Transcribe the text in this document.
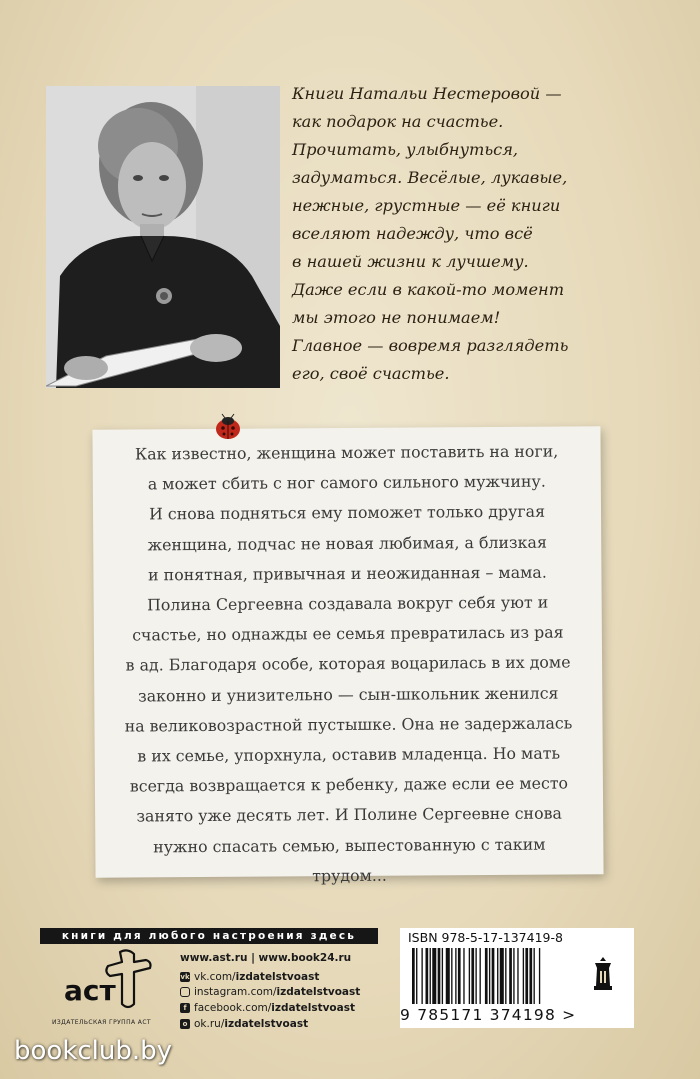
Книги Натальи Нестеровой —
как подарок на счастье.
Прочитать, улыбнуться,
задуматься. Весёлые, лукавые,
нежные, грустные — её книги
вселяют надежду, что всё
в нашей жизни к лучшему.
Даже если в какой-то момент
мы этого не понимаем!
Главное — вовремя разглядеть
его, своё счастье.
Как известно, женщина может поставить на ноги,
а может сбить с ног самого сильного мужчину.
И снова подняться ему поможет только другая
женщина, подчас не новая любимая, а близкая
и понятная, привычная и неожиданная – мама.
Полина Сергеевна создавала вокруг себя уют и
счастье, но однажды ее семья превратилась из рая
в ад. Благодаря особе, которая воцарилась в их доме
законно и унизительно — сын-школьник женился
на великовозрастной пустышке. Она не задержалась
в их семье, упорхнула, оставив младенца. Но мать
всегда возвращается к ребенку, даже если ее место
занято уже десять лет. И Полине Сергеевне снова
нужно спасать семью, выпестованную с таким
трудом...
книги для любого настроения здесь
аст
ИЗДАТЕЛЬСКАЯ ГРУППА АСТ
www.ast.ru | www.book24.ru
vk vk.com/ izdatelstvoast
instagram.com/ izdatelstvoast
f facebook.com/ izdatelstvoast
o ok.ru/ izdatelstvoast
ISBN 978-5-17-137419-8
9 785171 374198 >
bookclub.by
